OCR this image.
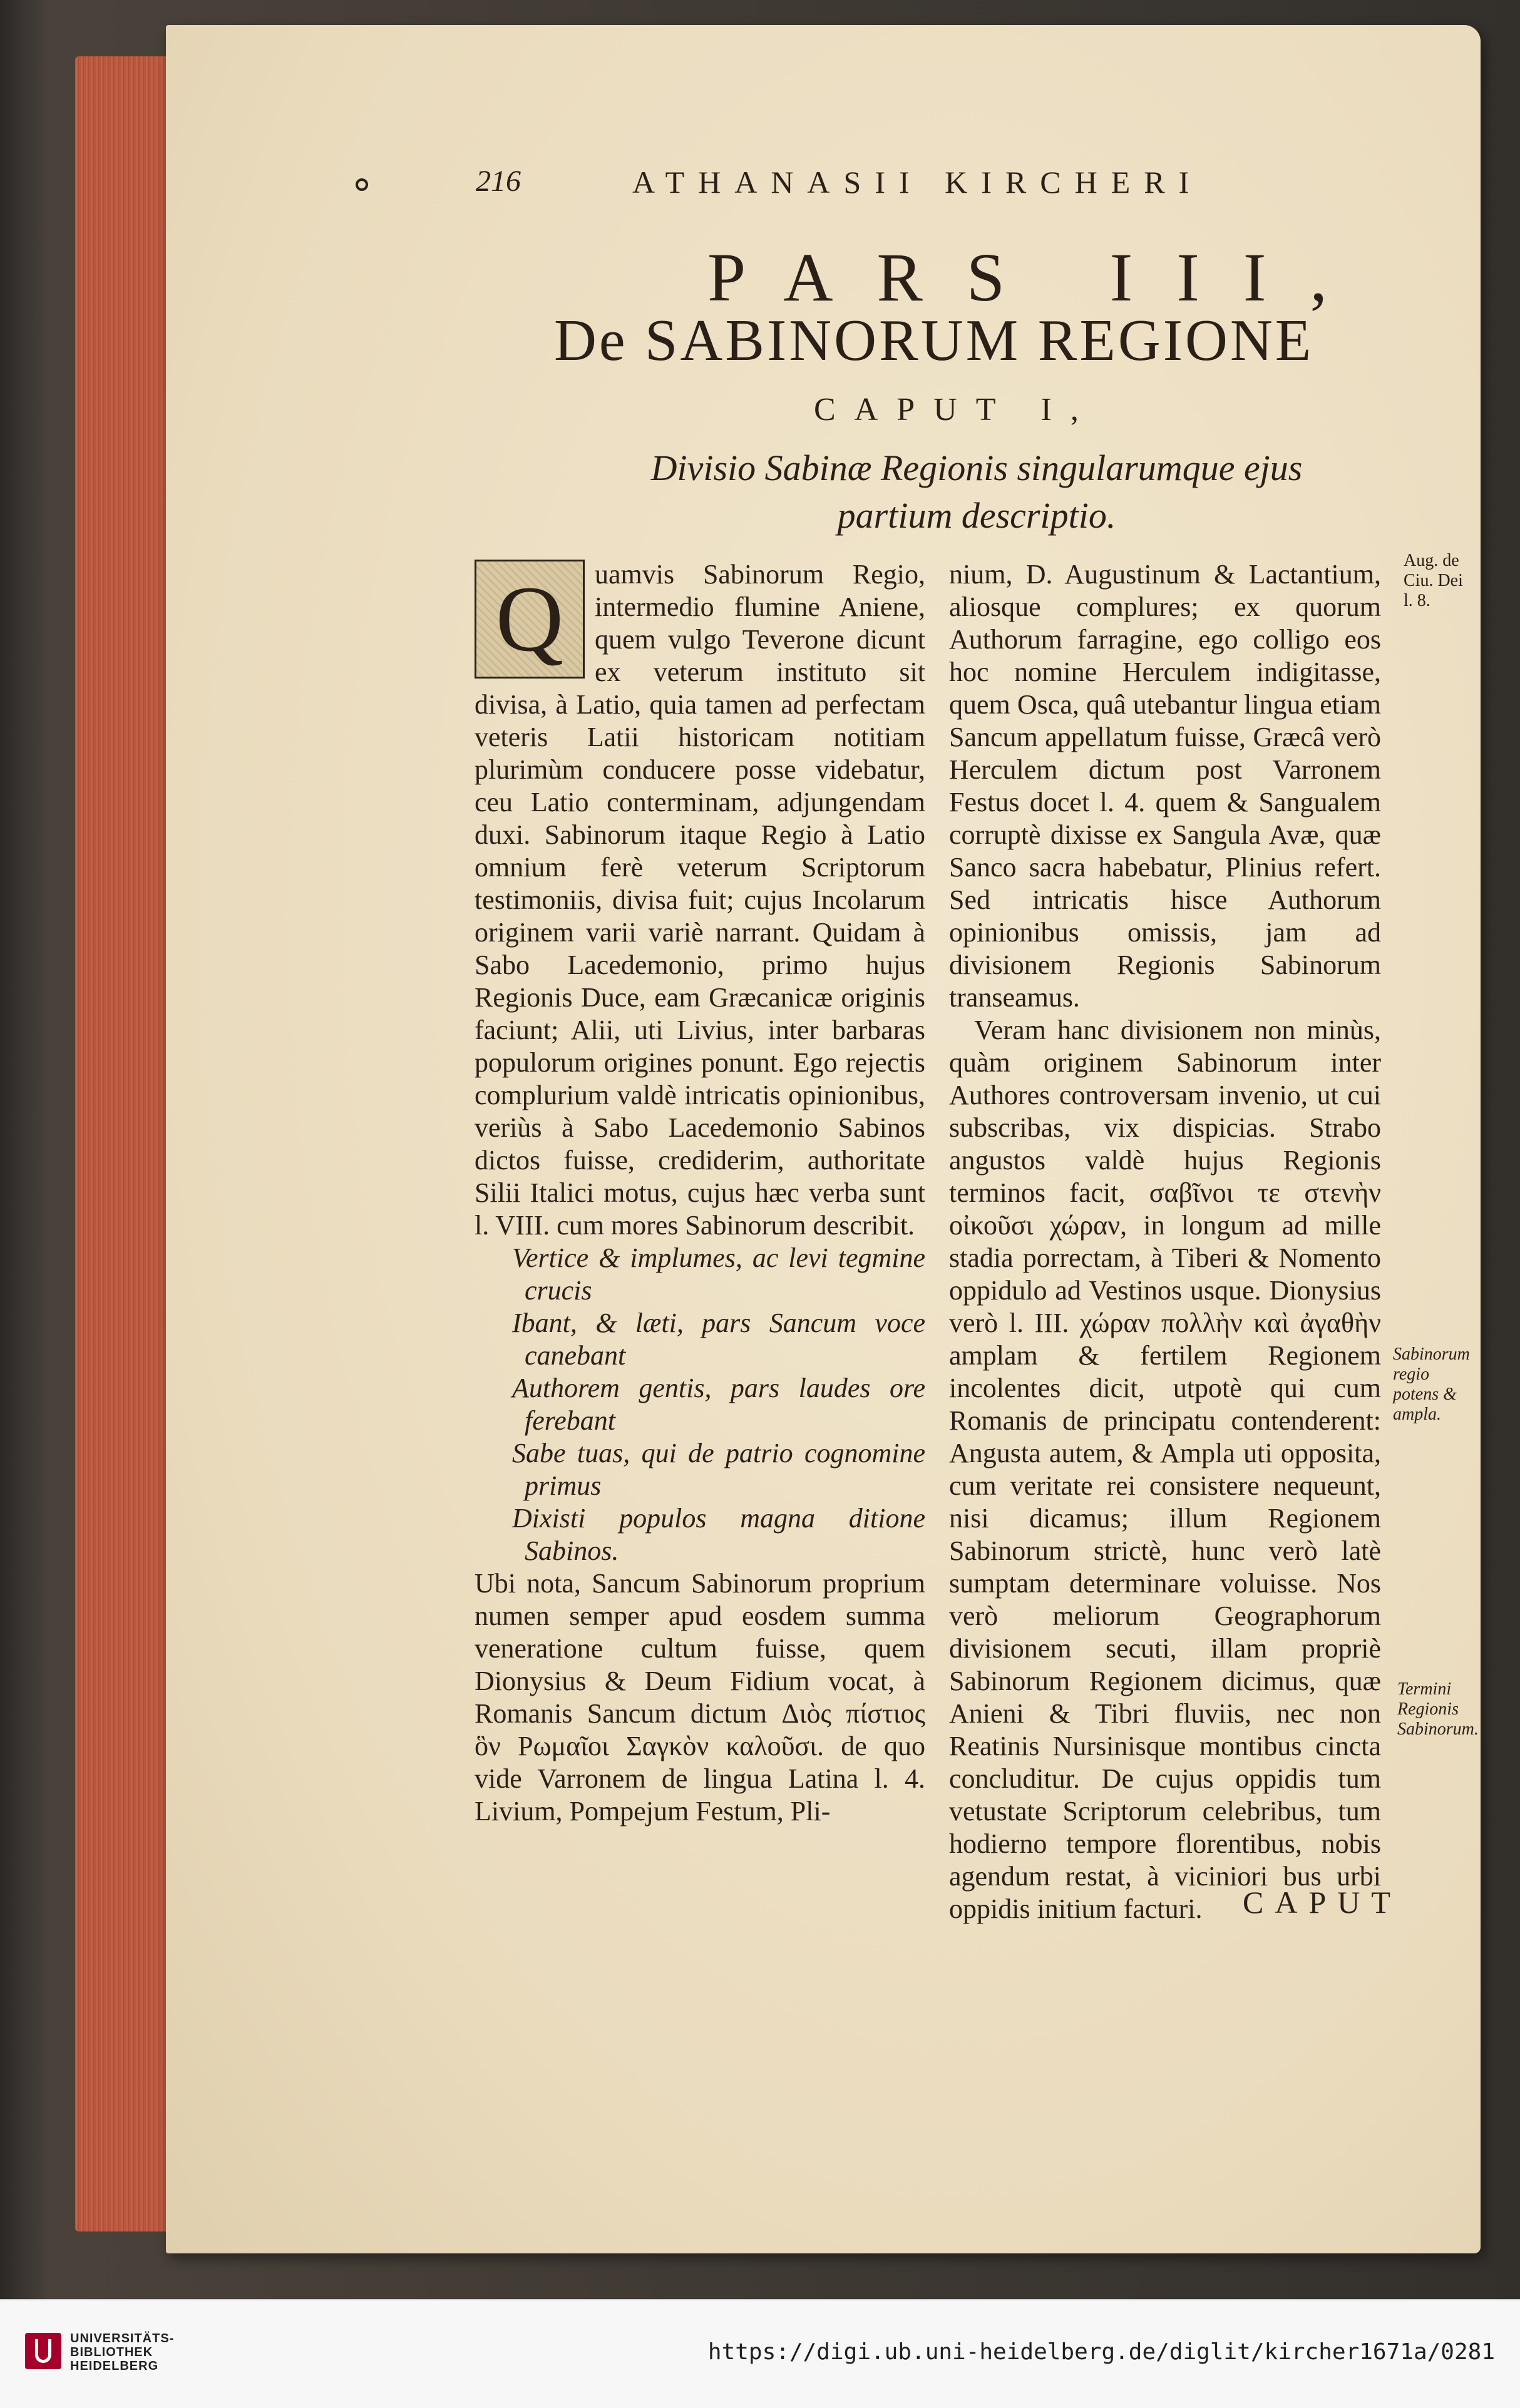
216	ATHANASII KIRCHERI
PARS III,
De SABINORUM REGIONE
CAPUT I,
Divisio Sabinæ Regionis singularumque ejus partium descriptio.
Q	uamvis Sabinorum Regio, intermedio flumine Aniene, quem vulgo Teverone dicunt ex veterum instituto sit divisa, à Latio, quia tamen ad perfectam veteris Latii historicam notitiam plurimùm conducere posse videbatur, ceu Latio conterminam, adjungendam duxi. Sabinorum itaque Regio à Latio omnium ferè veterum Scriptorum testimoniis, divisa fuit; cujus Incolarum originem varii variè narrant. Quidam à Sabo Lacedemonio, primo hujus Regionis Duce, eam Græcanicæ originis faciunt; Alii, uti Livius, inter barbaras populorum origines ponunt. Ego rejectis complurium valdè intricatis opinionibus, veriùs à Sabo Lacedemonio Sabinos dictos fuisse, crediderim, authoritate Silii Italici motus, cujus hæc verba sunt l. VIII. cum mores Sabinorum describit.

Vertice & implumes, ac levi tegmine crucis

Ibant, & læti, pars Sancum voce canebant

Authorem gentis, pars laudes ore ferebant

Sabe tuas, qui de patrio cognomine primus

Dixisti populos magna ditione Sabinos.

Ubi nota, Sancum Sabinorum proprium numen semper apud eosdem summa veneratione cultum fuisse, quem Dionysius & Deum Fidium vocat, à Romanis Sancum dictum Διὸς πίστιος ὃν Ρωμαῖοι Σαγκὸν καλοῦσι. de quo vide Varronem de lingua Latina l. 4. Livium, Pompejum Festum, Pli-

nium, D. Augustinum & Lactantium, aliosque complures; ex quorum Authorum farragine, ego colligo eos hoc nomine Herculem indigitasse, quem Osca, quâ utebantur lingua etiam Sancum appellatum fuisse, Græcâ verò Herculem dictum post Varronem Festus docet l. 4. quem & Sangualem corruptè dixisse ex Sangula Avæ, quæ Sanco sacra habebatur, Plinius refert. Sed intricatis hisce Authorum opinionibus omissis, jam ad divisionem Regionis Sabinorum transeamus.

Veram hanc divisionem non minùs, quàm originem Sabinorum inter Authores controversam invenio, ut cui subscribas, vix dispicias. Strabo angustos valdè hujus Regionis terminos facit, σαβῖνοι τε στενὴν οἰκοῦσι χώραν, in longum ad mille stadia porrectam, à Tiberi & Nomento oppidulo ad Vestinos usque. Dionysius verò l. III. χώραν πολλὴν καὶ ἀγαθὴν amplam & fertilem Regionem incolentes dicit, utpotè qui cum Romanis de principatu contenderent: Angusta autem, & Ampla uti opposita, cum veritate rei consistere nequeunt, nisi dicamus; illum Regionem Sabinorum strictè, hunc verò latè sumptam determinare voluisse. Nos verò meliorum Geographorum divisionem secuti, illam propriè Sabinorum Regionem dicimus, quæ Anieni & Tibri fluviis, nec non Reatinis Nursinisque montibus cincta concluditur. De cujus oppidis tum vetustate Scriptorum celebribus, tum hodierno tempore florentibus, nobis agendum restat, à viciniori bus urbi oppidis initium facturi.

Aug. de Ciu. Dei l. 8.
Sabinorum regio potens & ampla.
Termini Regionis Sabinorum.
CAPUT
UNIVERSITÄTS-
BIBLIOTHEK
HEIDELBERG
https://digi.ub.uni-heidelberg.de/diglit/kircher1671a/0281
